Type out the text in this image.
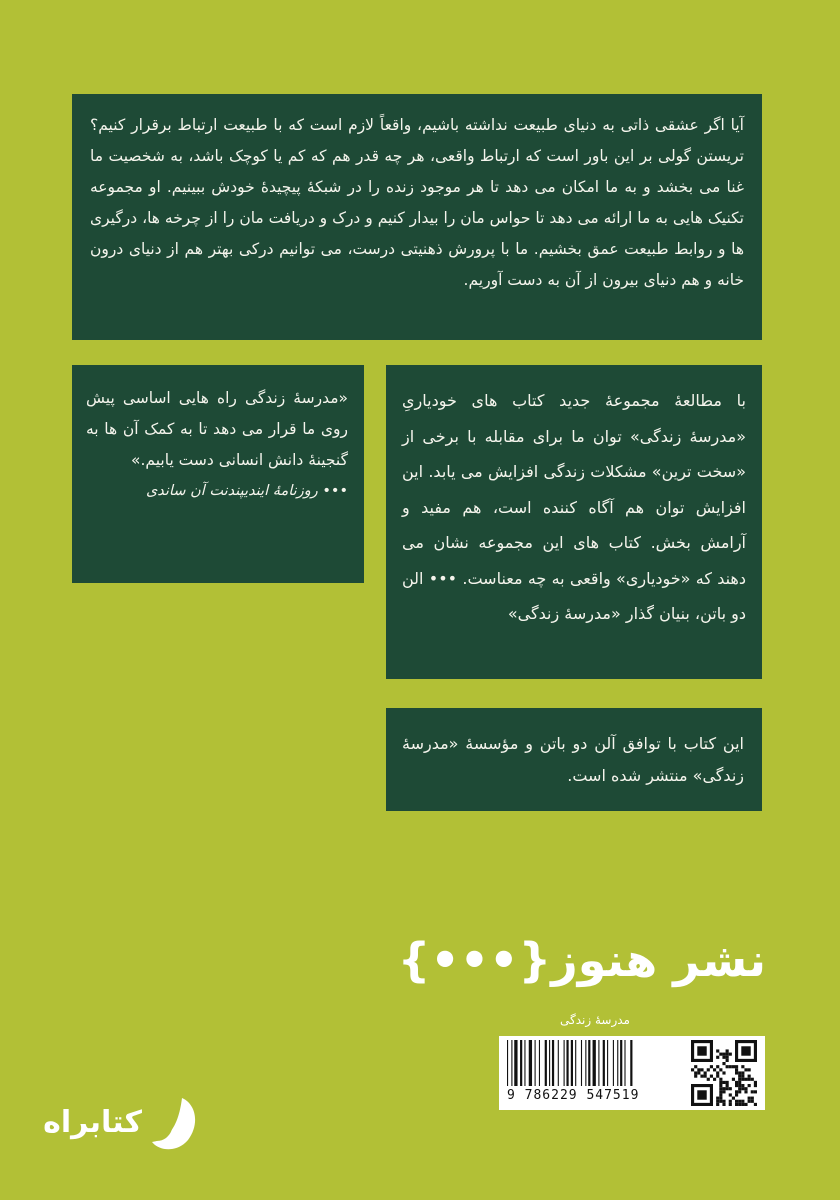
آیا اگر عشقی ذاتی به دنیای طبیعت نداشته باشیم، واقعاً لازم است که با طبیعت ارتباط برقرار کنیم؟ تریستن گولی بر این باور است که ارتباط واقعی، هر چه قدر هم که کم یا کوچک باشد، به شخصیت ما غنا می بخشد و به ما امکان می دهد تا هر موجود زنده را در شبکهٔ پیچیدهٔ خودش ببینیم. او مجموعه تکنیک هایی به ما ارائه می دهد تا حواس مان را بیدار کنیم و درک و دریافت مان را از چرخه ها، درگیری ها و روابط طبیعت عمق بخشیم. ما با پرورش ذهنیتی درست، می توانیم درکی بهتر هم از دنیای درون خانه و هم دنیای بیرون از آن به دست آوریم.

«مدرسهٔ زندگی راه هایی اساسی پیش روی ما قرار می دهد تا به کمک آن ها به گنجینهٔ دانش انسانی دست یابیم.»

••• روزنامهٔ ایندیپندنت آن ساندی

با مطالعهٔ مجموعهٔ جدید کتاب های خودیاریِ «مدرسهٔ زندگی» توان ما برای مقابله با برخی از «سخت ترین» مشکلات زندگی افزایش می یابد. این افزایش توان هم آگاه کننده است، هم مفید و آرامش بخش. کتاب های این مجموعه نشان می دهند که «خودیاری» واقعی به چه معناست. ••• الن دو باتن، بنیان گذار «مدرسهٔ زندگی»

این کتاب با توافق آلن دو باتن و مؤسسهٔ «مدرسهٔ زندگی» منتشر شده است.

نشر هنوز{•••}
مدرسهٔ زندگی
9 786229 547519
کتابراه
